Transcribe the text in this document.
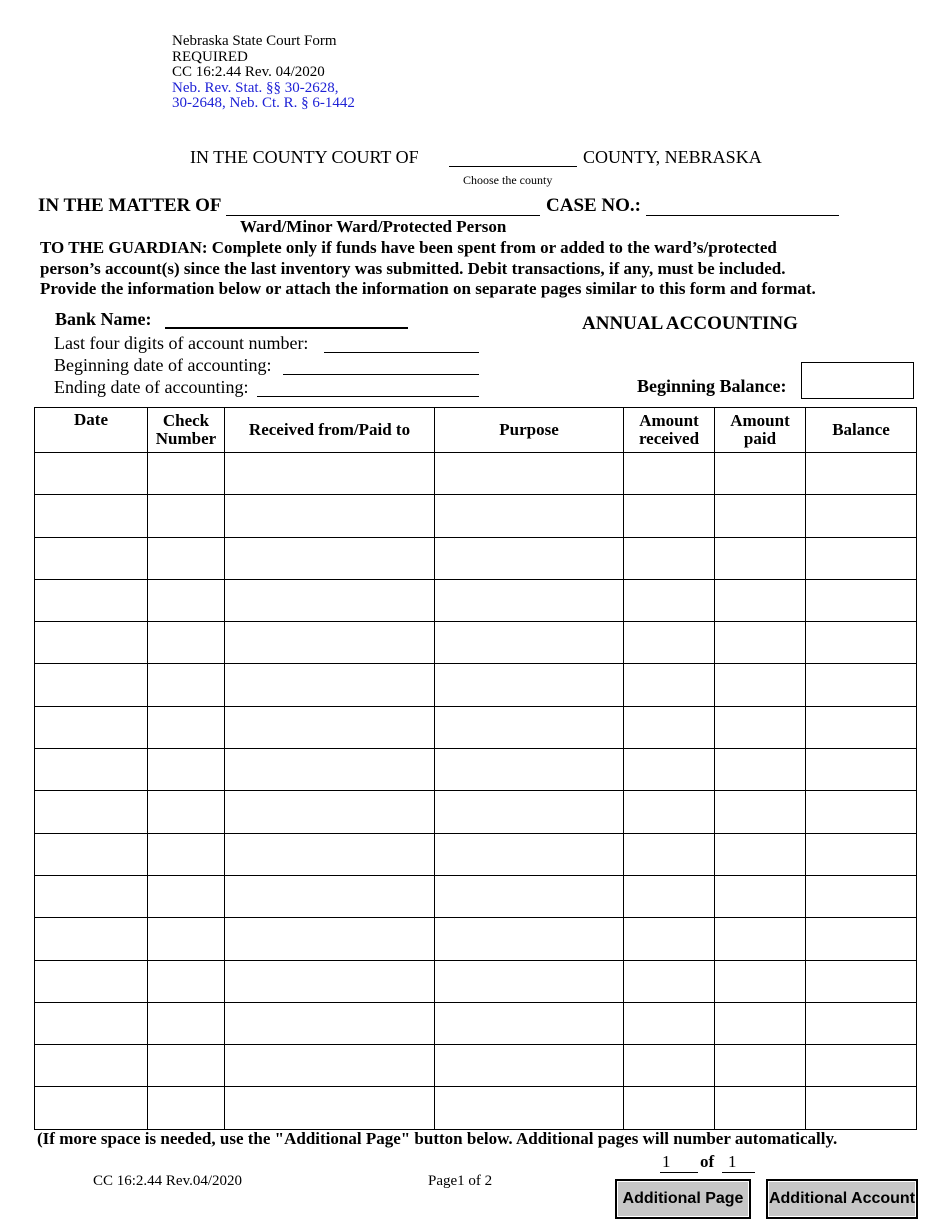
Nebraska State Court Form
REQUIRED
CC 16:2.44 Rev. 04/2020
Neb. Rev. Stat. §§ 30-2628,
30-2648, Neb. Ct. R. § 6-1442
IN THE COUNTY COURT OF	COUNTY, NEBRASKA
Choose the county
IN THE MATTER OF	CASE NO.:
Ward/Minor Ward/Protected Person
TO THE GUARDIAN: Complete only if funds have been spent from or added to the ward’s/protected
person’s account(s) since the last inventory was submitted. Debit transactions, if any, must be included.
Provide the information below or attach the information on separate pages similar to this form and format.
Bank Name:	ANNUAL ACCOUNTING
Last four digits of account number:
Beginning date of accounting:
Ending date of accounting:	Beginning Balance:
Date	Check Number	Received from/Paid to	Purpose	Amount received	Amount paid	Balance

(If more space is needed, use the "Additional Page" button below. Additional pages will number automatically.
1	of 1
CC 16:2.44 Rev.04/2020	Page1 of 2
Additional Page	Additional Account
